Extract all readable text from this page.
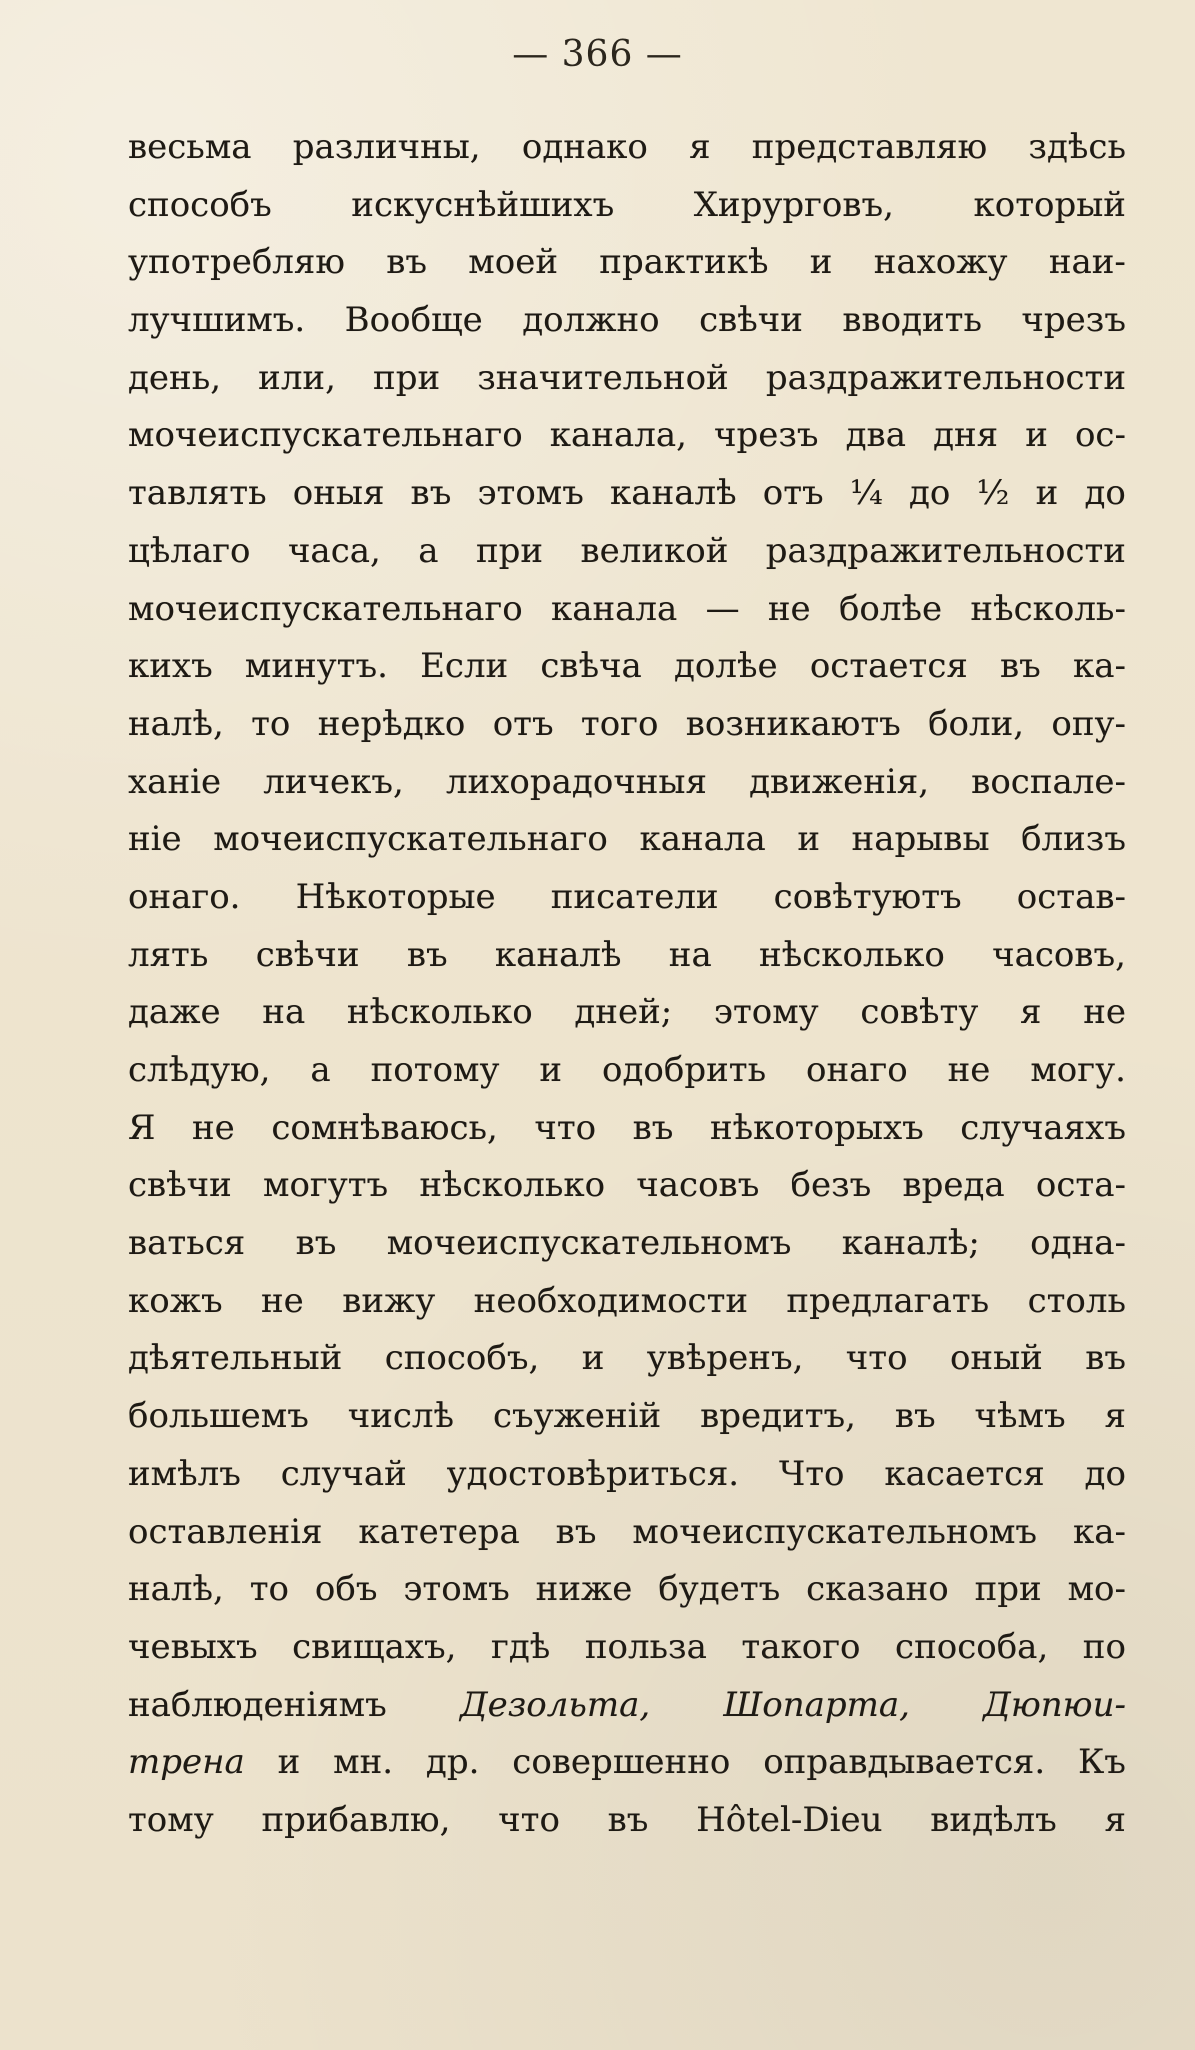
— 366 —
весьма различны, однако я представляю здѣсь
способъ искуснѣйшихъ Хирурговъ, который
употребляю въ моей практикѣ и нахожу наи-
лучшимъ. Вообще должно свѣчи вводить чрезъ
день, или, при значительной раздражительности
мочеиспускательнаго канала, чрезъ два дня и ос-
тавлять оныя въ этомъ каналѣ отъ ¼ до ½ и до
цѣлаго часа, а при великой раздражительности
мочеиспускательнаго канала — не болѣе нѣсколь-
кихъ минутъ. Если свѣча долѣе остается въ ка-
налѣ, то нерѣдко отъ того возникаютъ боли, опу-
ханіе личекъ, лихорадочныя движенія, воспале-
ніе мочеиспускательнаго канала и нарывы близъ
онаго. Нѣкоторые писатели совѣтуютъ остав-
лять свѣчи въ каналѣ на нѣсколько часовъ,
даже на нѣсколько дней; этому совѣту я не
слѣдую, а потому и одобрить онаго не могу.
Я не сомнѣваюсь, что въ нѣкоторыхъ случаяхъ
свѣчи могутъ нѣсколько часовъ безъ вреда оста-
ваться въ мочеиспускательномъ каналѣ; одна-
кожъ не вижу необходимости предлагать столь
дѣятельный способъ, и увѣренъ, что оный въ
большемъ числѣ съуженій вредитъ, въ чѣмъ я
имѣлъ случай удостовѣриться. Что касается до
оставленія катетера въ мочеиспускательномъ ка-
налѣ, то объ этомъ ниже будетъ сказано при мо-
чевыхъ свищахъ, гдѣ польза такого способа, по
наблюденіямъ Дезольта, Шопарта, Дюпюи-
трена и мн. др. совершенно оправдывается. Къ
тому прибавлю, что въ Hôtel-Dieu видѣлъ я
